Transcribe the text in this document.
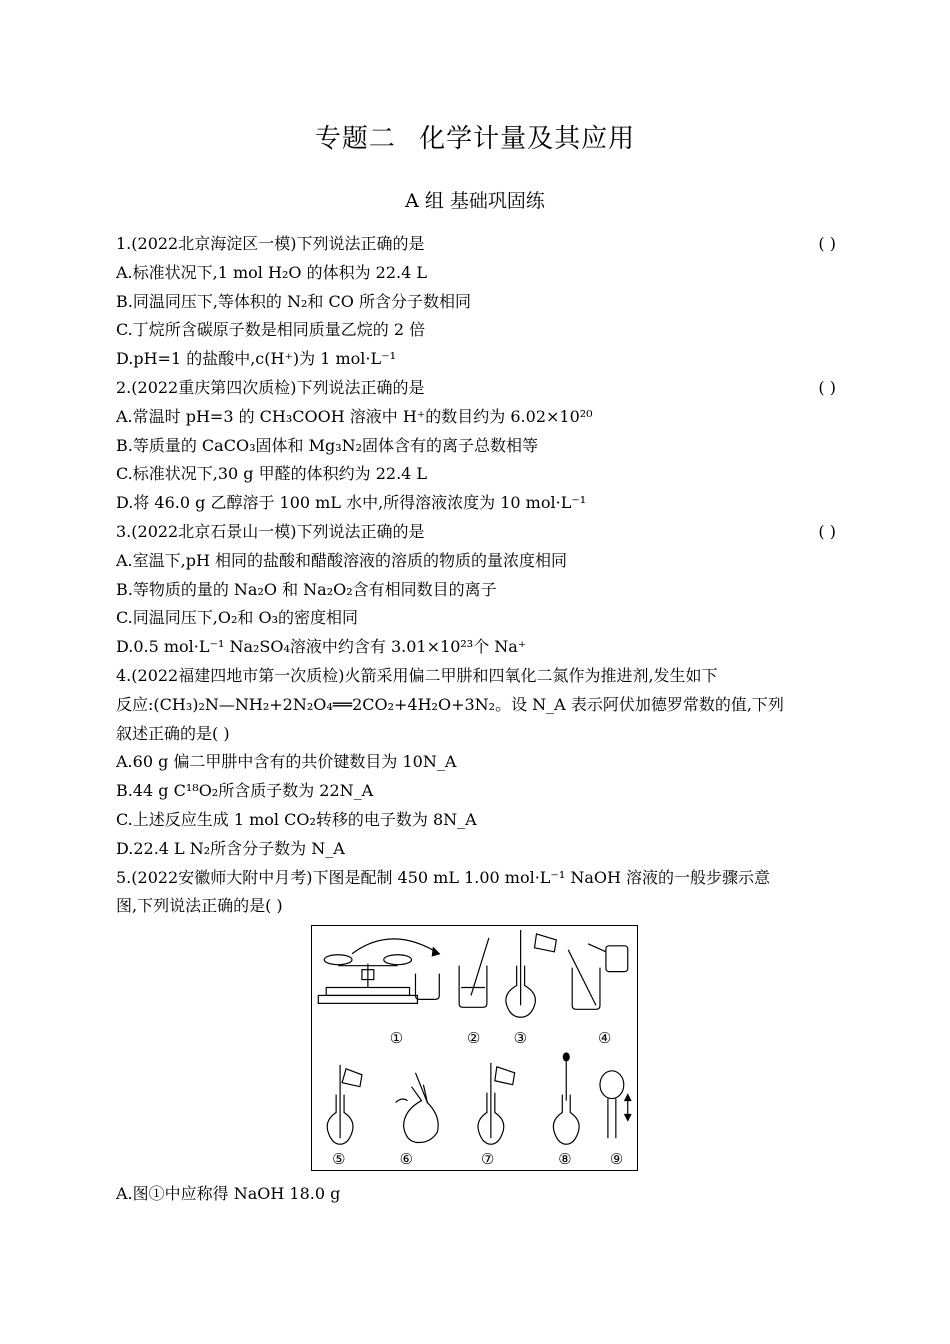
专题二 化学计量及其应用
A 组 基础巩固练
1.(2022北京海淀区一模)下列说法正确的是	( )
A.标准状况下,1 mol H₂O 的体积为 22.4 L
B.同温同压下,等体积的 N₂和 CO 所含分子数相同
C.丁烷所含碳原子数是相同质量乙烷的 2 倍
D.pH=1 的盐酸中,c(H⁺)为 1 mol·L⁻¹
2.(2022重庆第四次质检)下列说法正确的是	( )
A.常温时 pH=3 的 CH₃COOH 溶液中 H⁺的数目约为 6.02×10²⁰
B.等质量的 CaCO₃固体和 Mg₃N₂固体含有的离子总数相等
C.标准状况下,30 g 甲醛的体积约为 22.4 L
D.将 46.0 g 乙醇溶于 100 mL 水中,所得溶液浓度为 10 mol·L⁻¹
3.(2022北京石景山一模)下列说法正确的是	( )
A.室温下,pH 相同的盐酸和醋酸溶液的溶质的物质的量浓度相同
B.等物质的量的 Na₂O 和 Na₂O₂含有相同数目的离子
C.同温同压下,O₂和 O₃的密度相同
D.0.5 mol·L⁻¹ Na₂SO₄溶液中约含有 3.01×10²³个 Na⁺
4.(2022福建四地市第一次质检)火箭采用偏二甲肼和四氧化二氮作为推进剂,发生如下
反应:(CH₃)₂N—NH₂+2N₂O₄══2CO₂+4H₂O+3N₂。设 N_A 表示阿伏加德罗常数的值,下列
叙述正确的是( )
A.60 g 偏二甲肼中含有的共价键数目为 10N_A
B.44 g C¹⁸O₂所含质子数为 22N_A
C.上述反应生成 1 mol CO₂转移的电子数为 8N_A
D.22.4 L N₂所含分子数为 N_A
5.(2022安徽师大附中月考)下图是配制 450 mL 1.00 mol·L⁻¹ NaOH 溶液的一般步骤示意
图,下列说法正确的是( )
①	② ③	④
⑤	⑥	⑦	⑧	⑨
A.图①中应称得 NaOH 18.0 g
